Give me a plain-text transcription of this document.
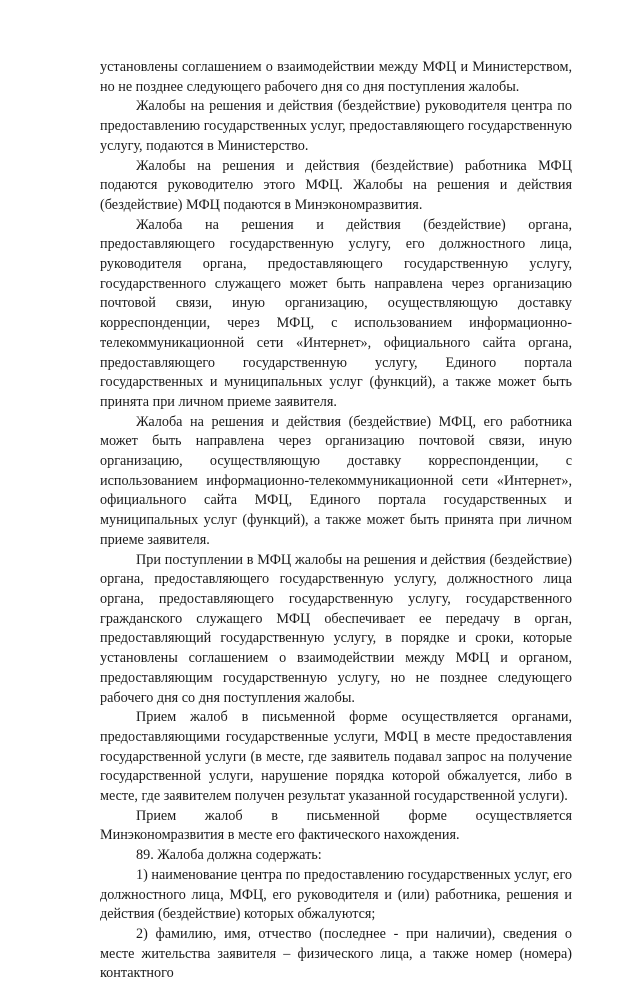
установлены соглашением о взаимодействии между МФЦ и Министерством, но не позднее следующего рабочего дня со дня поступления жалобы.

Жалобы на решения и действия (бездействие) руководителя центра по предоставлению государственных услуг, предоставляющего государственную услугу, подаются в Министерство.

Жалобы на решения и действия (бездействие) работника МФЦ подаются руководителю этого МФЦ. Жалобы на решения и действия (бездействие) МФЦ подаются в Минэкономразвития.

Жалоба на решения и действия (бездействие) органа, предоставляющего государственную услугу, его должностного лица, руководителя органа, предоставляющего государственную услугу, государственного служащего может быть направлена через организацию почтовой связи, иную организацию, осуществляющую доставку корреспонденции, через МФЦ, с использованием информационно-телекоммуникационной сети «Интернет», официального сайта органа, предоставляющего государственную услугу, Единого портала государственных и муниципальных услуг (функций), а также может быть принята при личном приеме заявителя.

Жалоба на решения и действия (бездействие) МФЦ, его работника может быть направлена через организацию почтовой связи, иную организацию, осуществляющую доставку корреспонденции, с использованием информационно-телекоммуникационной сети «Интернет», официального сайта МФЦ, Единого портала государственных и муниципальных услуг (функций), а также может быть принята при личном приеме заявителя.

При поступлении в МФЦ жалобы на решения и действия (бездействие) органа, предоставляющего государственную услугу, должностного лица органа, предоставляющего государственную услугу, государственного гражданского служащего МФЦ обеспечивает ее передачу в орган, предоставляющий государственную услугу, в порядке и сроки, которые установлены соглашением о взаимодействии между МФЦ и органом, предоставляющим государственную услугу, но не позднее следующего рабочего дня со дня поступления жалобы.

Прием жалоб в письменной форме осуществляется органами, предоставляющими государственные услуги, МФЦ в месте предоставления государственной услуги (в месте, где заявитель подавал запрос на получение государственной услуги, нарушение порядка которой обжалуется, либо в месте, где заявителем получен результат указанной государственной услуги).

Прием жалоб в письменной форме осуществляется Минэкономразвития в месте его фактического нахождения.

89. Жалоба должна содержать:

1) наименование центра по предоставлению государственных услуг, его должностного лица, МФЦ, его руководителя и (или) работника, решения и действия (бездействие) которых обжалуются;

2) фамилию, имя, отчество (последнее - при наличии), сведения о месте жительства заявителя – физического лица, а также номер (номера) контактного
